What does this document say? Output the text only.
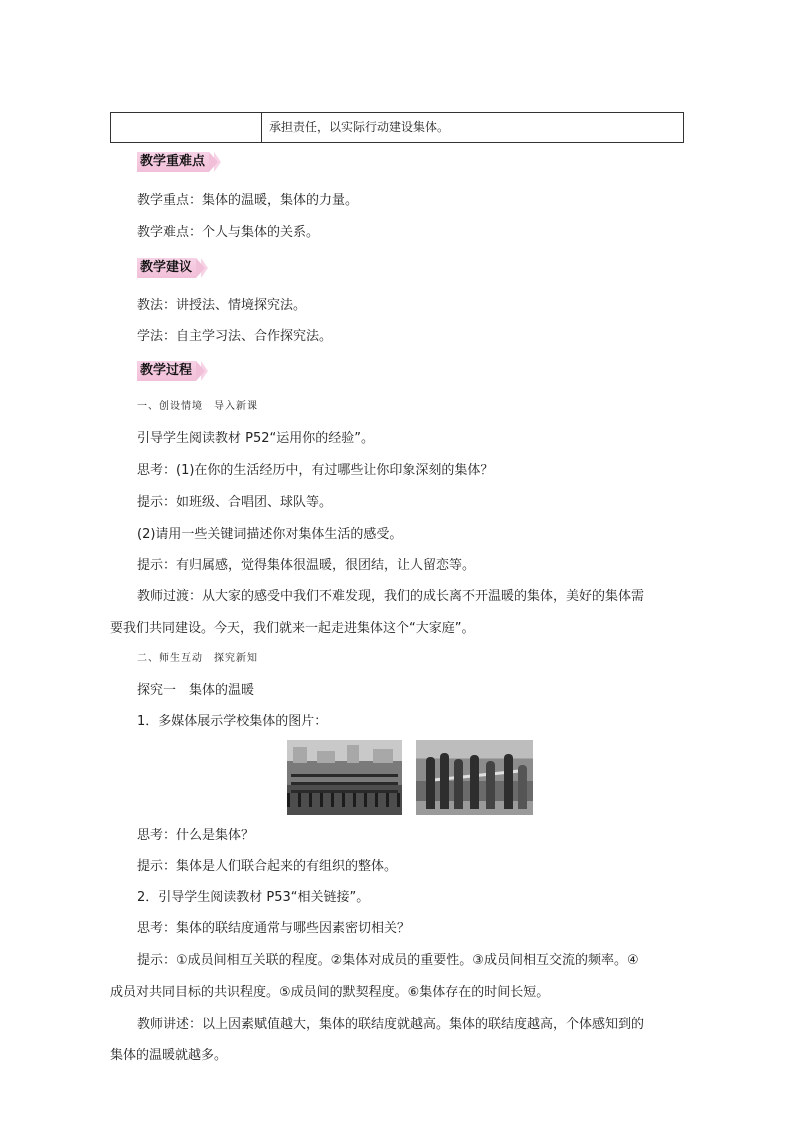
承担责任，以实际行动建设集体。
教学重难点
教学重点：集体的温暖，集体的力量。
教学难点：个人与集体的关系。
教学建议
教法：讲授法、情境探究法。
学法：自主学习法、合作探究法。
教学过程
一、创设情境　导入新课
引导学生阅读教材 P52“运用你的经验”。
思考：(1)在你的生活经历中，有过哪些让你印象深刻的集体？
提示：如班级、合唱团、球队等。
(2)请用一些关键词描述你对集体生活的感受。
提示：有归属感，觉得集体很温暖，很团结，让人留恋等。
教师过渡：从大家的感受中我们不难发现，我们的成长离不开温暖的集体，美好的集体需
要我们共同建设。今天，我们就来一起走进集体这个“大家庭”。
二、师生互动　探究新知
探究一　集体的温暖
1．多媒体展示学校集体的图片：
思考：什么是集体？
提示：集体是人们联合起来的有组织的整体。
2．引导学生阅读教材 P53“相关链接”。
思考：集体的联结度通常与哪些因素密切相关？
提示：①成员间相互关联的程度。②集体对成员的重要性。③成员间相互交流的频率。④
成员对共同目标的共识程度。⑤成员间的默契程度。⑥集体存在的时间长短。
教师讲述：以上因素赋值越大，集体的联结度就越高。集体的联结度越高，个体感知到的
集体的温暖就越多。
